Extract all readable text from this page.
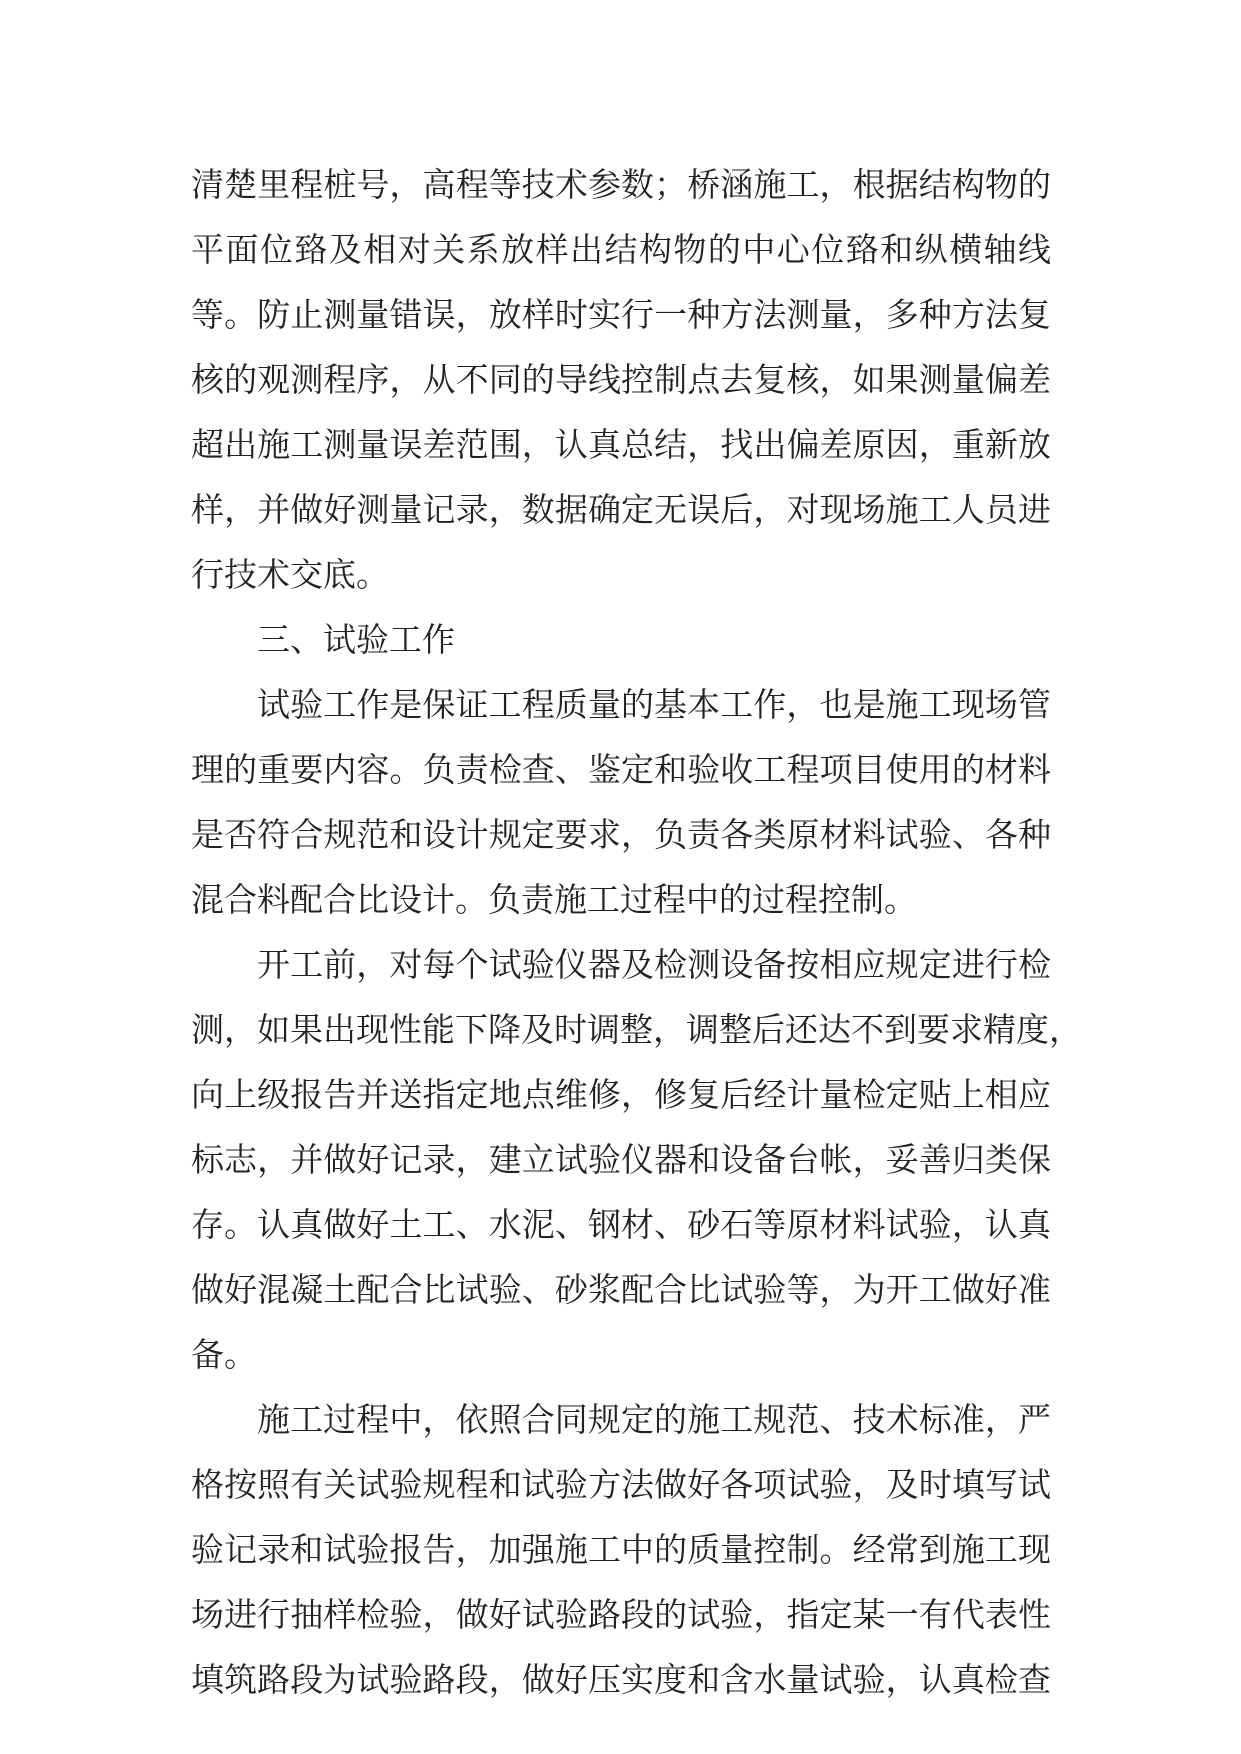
清楚里程桩号，高程等技术参数；桥涵施工，根据结构物的
平面位臵及相对关系放样出结构物的中心位臵和纵横轴线
等。防止测量错误，放样时实行一种方法测量，多种方法复
核的观测程序，从不同的导线控制点去复核，如果测量偏差
超出施工测量误差范围，认真总结，找出偏差原因，重新放
样，并做好测量记录，数据确定无误后，对现场施工人员进
行技术交底。
三、试验工作
试验工作是保证工程质量的基本工作，也是施工现场管
理的重要内容。负责检查、鉴定和验收工程项目使用的材料
是否符合规范和设计规定要求，负责各类原材料试验、各种
混合料配合比设计。负责施工过程中的过程控制。
开工前，对每个试验仪器及检测设备按相应规定进行检
测，如果出现性能下降及时调整，调整后还达不到要求精度，
向上级报告并送指定地点维修，修复后经计量检定贴上相应
标志，并做好记录，建立试验仪器和设备台帐，妥善归类保
存。认真做好土工、水泥、钢材、砂石等原材料试验，认真
做好混凝土配合比试验、砂浆配合比试验等，为开工做好准
备。
施工过程中，依照合同规定的施工规范、技术标准，严
格按照有关试验规程和试验方法做好各项试验，及时填写试
验记录和试验报告，加强施工中的质量控制。经常到施工现
场进行抽样检验，做好试验路段的试验，指定某一有代表性
填筑路段为试验路段，做好压实度和含水量试验，认真检查
